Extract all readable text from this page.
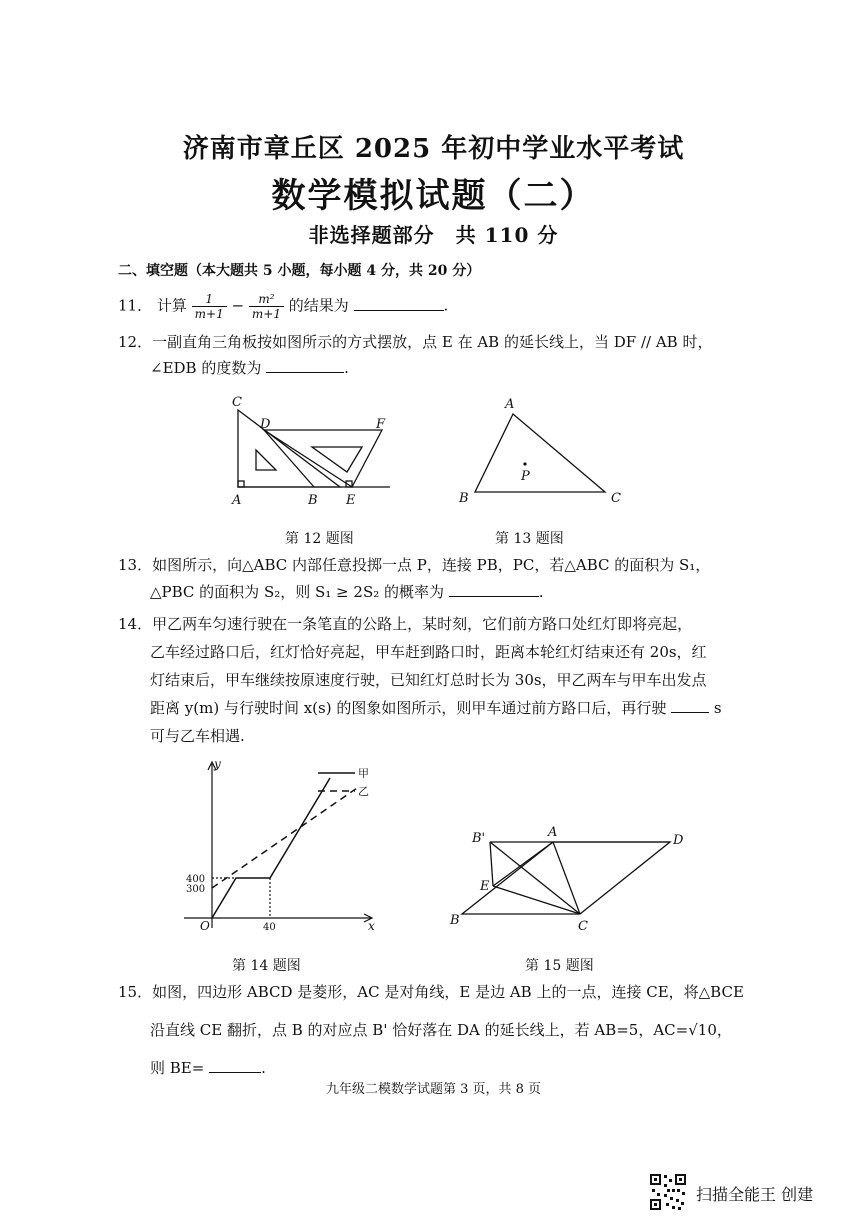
济南市章丘区 2025 年初中学业水平考试
数学模拟试题（二）
非选择题部分　共 110 分
二、填空题（本大题共 5 小题，每小题 4 分，共 20 分）
11． 计算 $\frac{1}{m+1} - \frac{\text{m²}}{m+1}$ 的结果为	.
12．一副直角三角板按如图所示的方式摆放，点 E 在 AB 的延长线上，当 DF // AB 时，
∠EDB 的度数为	.
C
D	F
A	B E
第 12 题图
A
B	C
P
第 13 题图
13．如图所示，向△ABC 内部任意投掷一点 P，连接 PB，PC，若△ABC 的面积为 S₁，
△PBC 的面积为 S₂，则 S₁ ≥ 2S₂ 的概率为	.
14．甲乙两车匀速行驶在一条笔直的公路上，某时刻，它们前方路口处红灯即将亮起，
乙车经过路口后，红灯恰好亮起，甲车赶到路口时，距离本轮红灯结束还有 20s，红
灯结束后，甲车继续按原速度行驶，已知红灯总时长为 30s，甲乙两车与甲车出发点
距离 y(m) 与行驶时间 x(s) 的图象如图所示，则甲车通过前方路口后，再行驶	s
可与乙车相遇.
y
x
O
400
300
40
甲
乙
第 14 题图
B'	A
D
E
B	C
第 15 题图
15．如图，四边形 ABCD 是菱形，AC 是对角线，E 是边 AB 上的一点，连接 CE，将△BCE
沿直线 CE 翻折，点 B 的对应点 B' 恰好落在 DA 的延长线上，若 AB=5，AC=√10，
则 BE=	.
九年级二模数学试题第 3 页，共 8 页
扫描全能王 创建
